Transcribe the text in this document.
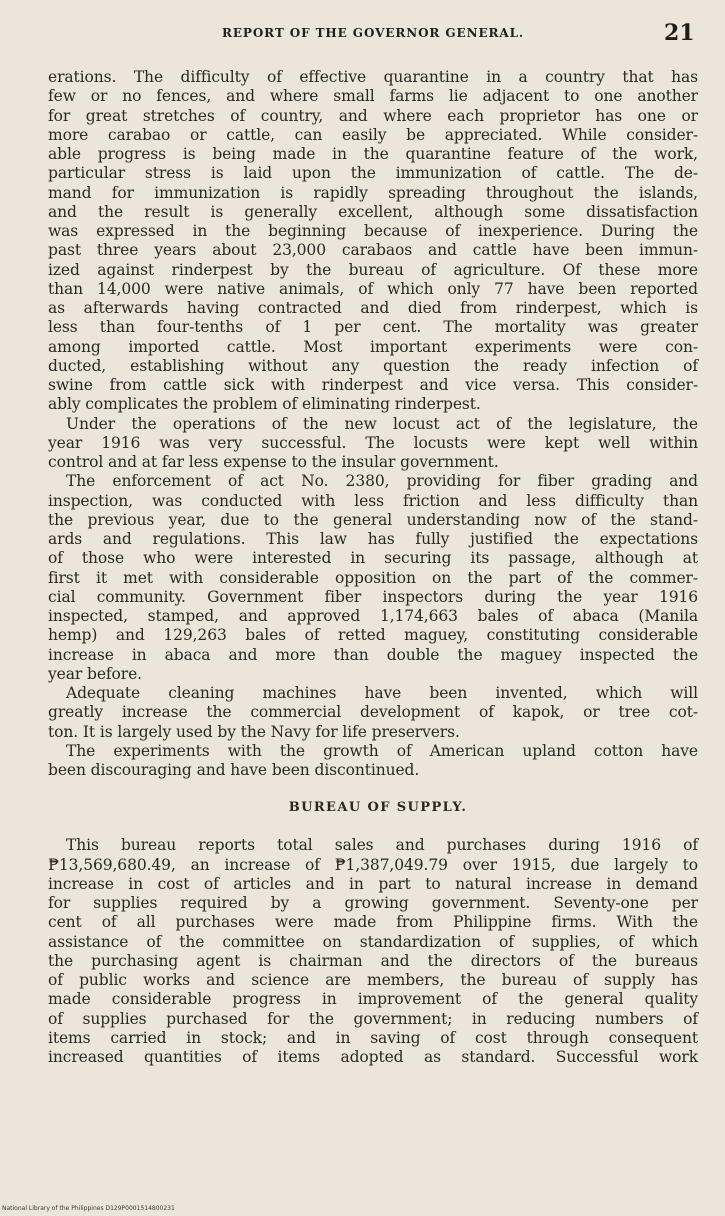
REPORT OF THE GOVERNOR GENERAL.	21
erations. The difficulty of effective quarantine in a country that has
few or no fences, and where small farms lie adjacent to one another
for great stretches of country, and where each proprietor has one or
more carabao or cattle, can easily be appreciated. While consider-
able progress is being made in the quarantine feature of the work,
particular stress is laid upon the immunization of cattle. The de-
mand for immunization is rapidly spreading throughout the islands,
and the result is generally excellent, although some dissatisfaction
was expressed in the beginning because of inexperience. During the
past three years about 23,000 carabaos and cattle have been immun-
ized against rinderpest by the bureau of agriculture. Of these more
than 14,000 were native animals, of which only 77 have been reported
as afterwards having contracted and died from rinderpest, which is
less than four-tenths of 1 per cent. The mortality was greater
among imported cattle. Most important experiments were con-
ducted, establishing without any question the ready infection of
swine from cattle sick with rinderpest and vice versa. This consider-
ably complicates the problem of eliminating rinderpest.
Under the operations of the new locust act of the legislature, the
year 1916 was very successful. The locusts were kept well within
control and at far less expense to the insular government.
The enforcement of act No. 2380, providing for fiber grading and
inspection, was conducted with less friction and less difficulty than
the previous year, due to the general understanding now of the stand-
ards and regulations. This law has fully justified the expectations
of those who were interested in securing its passage, although at
first it met with considerable opposition on the part of the commer-
cial community. Government fiber inspectors during the year 1916
inspected, stamped, and approved 1,174,663 bales of abaca (Manila
hemp) and 129,263 bales of retted maguey, constituting considerable
increase in abaca and more than double the maguey inspected the
year before.
Adequate cleaning machines have been invented, which will
greatly increase the commercial development of kapok, or tree cot-
ton. It is largely used by the Navy for life preservers.
The experiments with the growth of American upland cotton have
been discouraging and have been discontinued.
BUREAU OF SUPPLY.
This bureau reports total sales and purchases during 1916 of
₱13,569,680.49, an increase of ₱1,387,049.79 over 1915, due largely to
increase in cost of articles and in part to natural increase in demand
for supplies required by a growing government. Seventy-one per
cent of all purchases were made from Philippine firms. With the
assistance of the committee on standardization of supplies, of which
the purchasing agent is chairman and the directors of the bureaus
of public works and science are members, the bureau of supply has
made considerable progress in improvement of the general quality
of supplies purchased for the government; in reducing numbers of
items carried in stock; and in saving of cost through consequent
increased quantities of items adopted as standard. Successful work
National Library of the Philippines D129P0001514800231
